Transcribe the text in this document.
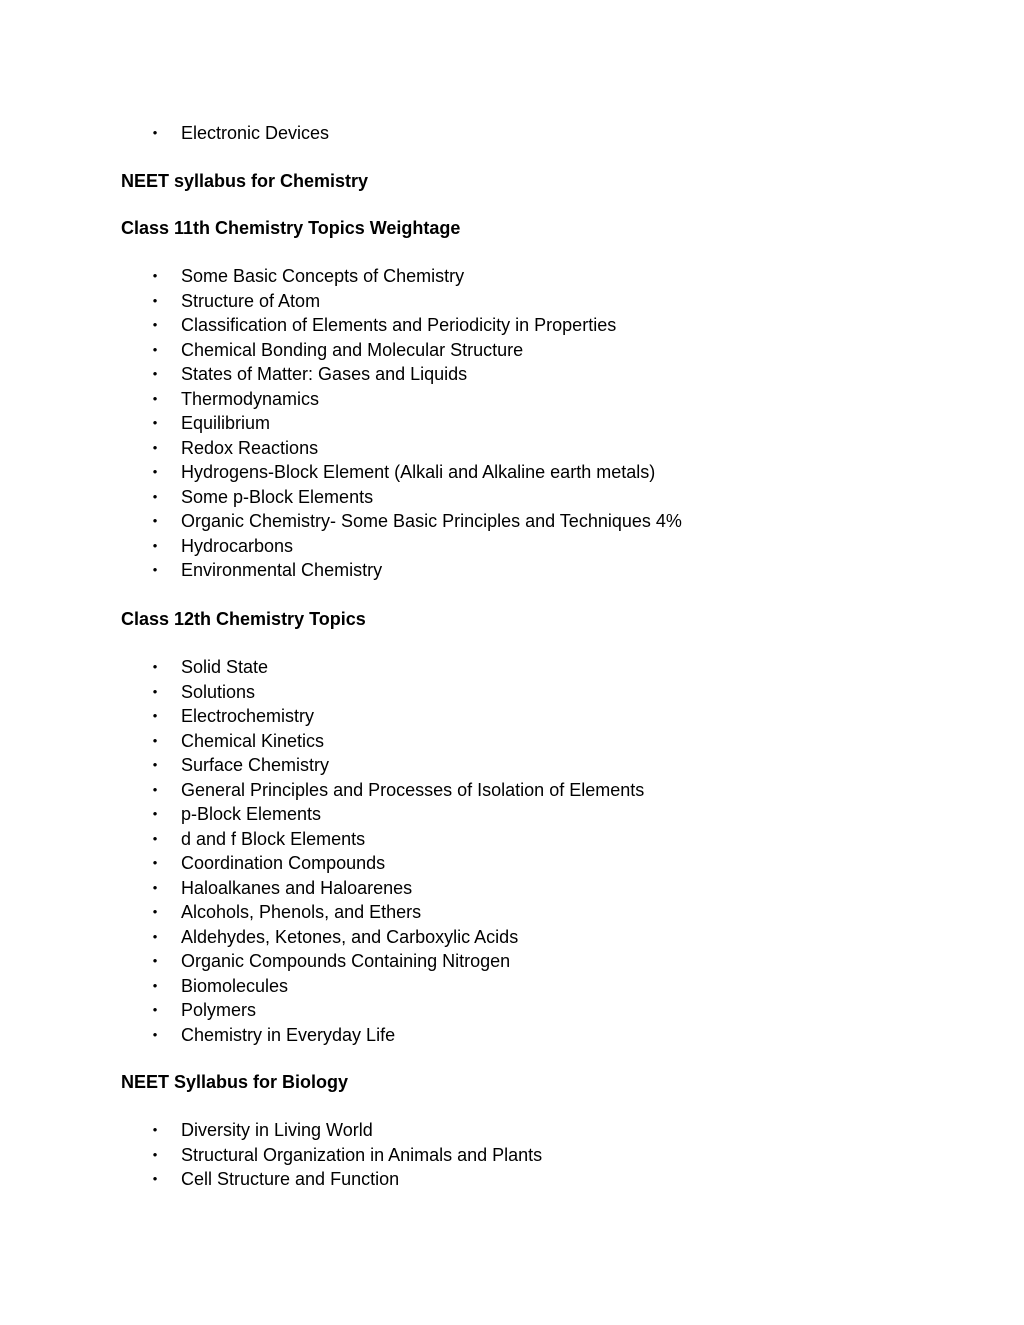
• Electronic Devices
NEET syllabus for Chemistry
Class 11th Chemistry Topics Weightage
• Some Basic Concepts of Chemistry
• Structure of Atom
• Classification of Elements and Periodicity in Properties
• Chemical Bonding and Molecular Structure
• States of Matter: Gases and Liquids
• Thermodynamics
• Equilibrium
• Redox Reactions
• Hydrogens-Block Element (Alkali and Alkaline earth metals)
• Some p-Block Elements
• Organic Chemistry- Some Basic Principles and Techniques 4%
• Hydrocarbons
• Environmental Chemistry
Class 12th Chemistry Topics
• Solid State
• Solutions
• Electrochemistry
• Chemical Kinetics
• Surface Chemistry
• General Principles and Processes of Isolation of Elements
• p-Block Elements
• d and f Block Elements
• Coordination Compounds
• Haloalkanes and Haloarenes
• Alcohols, Phenols, and Ethers
• Aldehydes, Ketones, and Carboxylic Acids
• Organic Compounds Containing Nitrogen
• Biomolecules
• Polymers
• Chemistry in Everyday Life
NEET Syllabus for Biology
• Diversity in Living World
• Structural Organization in Animals and Plants
• Cell Structure and Function
